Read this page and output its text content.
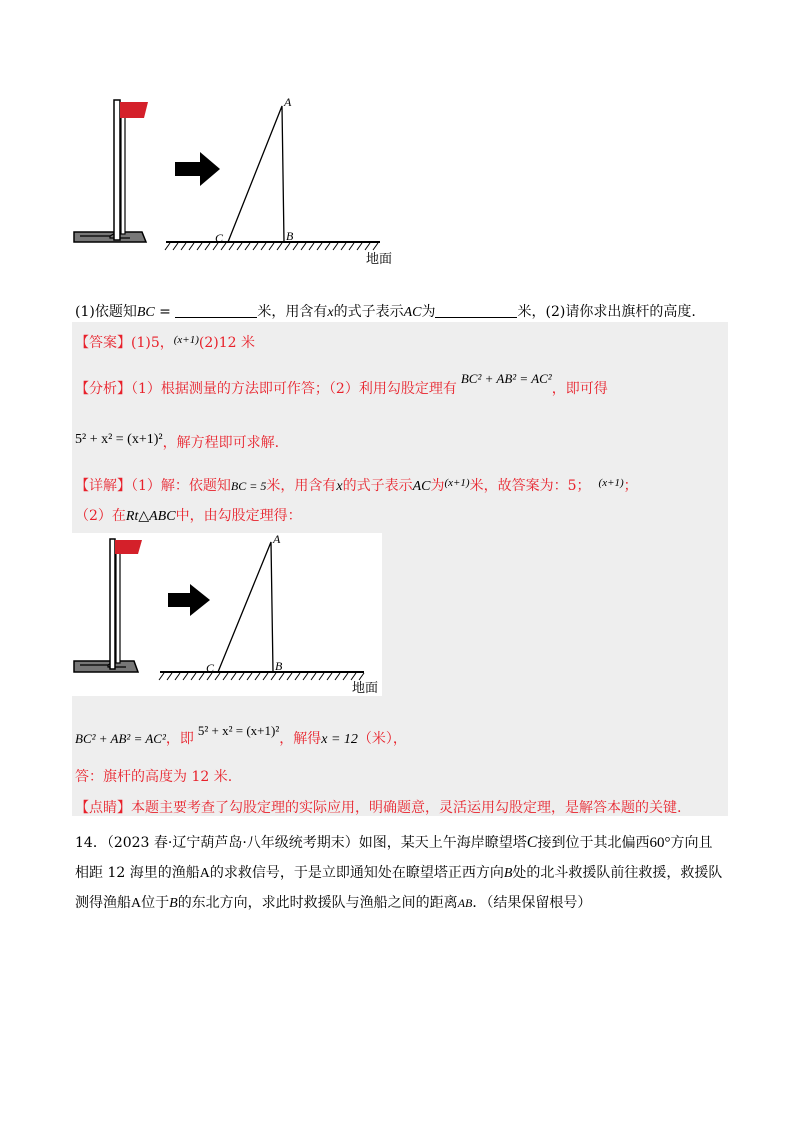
A
B
C
地面
(1)依题知BC =	米，用含有x的式子表示AC为	米，(2)请你求出旗杆的高度.
【答案】(1)5，$^{(x+1)}$(2)12 米
【分析】（1）根据测量的方法即可作答；（2）利用勾股定理有BC² + AB² = AC²，即可得
5² + x² = (x+1)²，解方程即可求解.
【详解】（1）解：依题知BC = 5米，用含有x的式子表示AC为$^{(x+1)}$米，故答案为：5； $^{(x+1)}$；
（2）在Rt△ABC中，由勾股定理得：
A
B
C
地面
BC² + AB² = AC²，即5² + x² = (x+1)²，解得x = 12（米），
答：旗杆的高度为 12 米.
【点睛】本题主要考查了勾股定理的实际应用，明确题意，灵活运用勾股定理，是解答本题的关键.
14．（2023 春·辽宁葫芦岛·八年级统考期末）如图，某天上午海岸瞭望塔C接到位于其北偏西60°方向且
相距 12 海里的渔船A的求救信号，于是立即通知处在瞭望塔正西方向B处的北斗救援队前往救援，救援队
测得渔船A位于B的东北方向，求此时救援队与渔船之间的距离AB．（结果保留根号）
